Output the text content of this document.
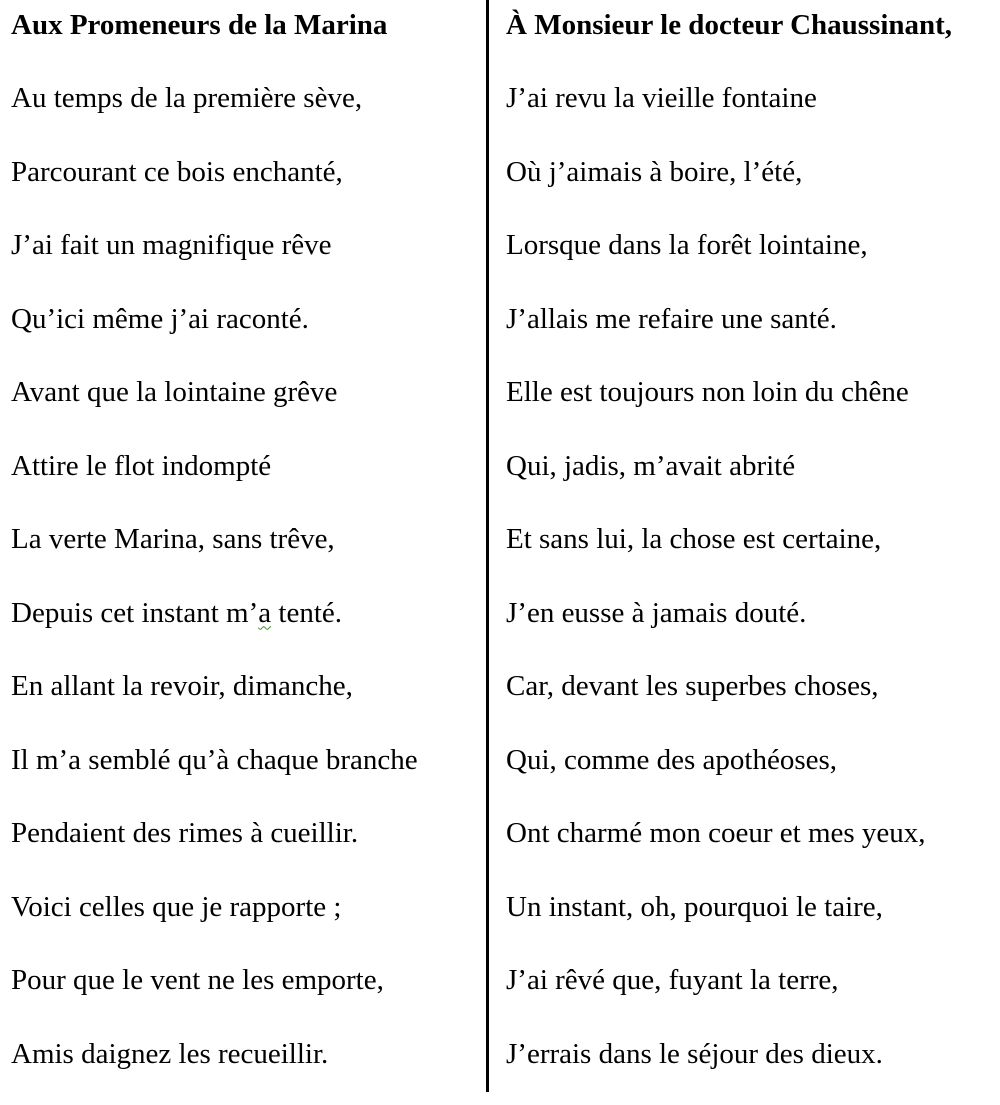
Aux Promeneurs de la Marina
Au temps de la première sève,
Parcourant ce bois enchanté,
J’ai fait un magnifique rêve
Qu’ici même j’ai raconté.
Avant que la lointaine grêve
Attire le flot indompté
La verte Marina, sans trêve,
Depuis cet instant m’a tenté.
En allant la revoir, dimanche,
Il m’a semblé qu’à chaque branche
Pendaient des rimes à cueillir.
Voici celles que je rapporte ;
Pour que le vent ne les emporte,
Amis daignez les recueillir.
À Monsieur le docteur Chaussinant,
J’ai revu la vieille fontaine
Où j’aimais à boire, l’été,
Lorsque dans la forêt lointaine,
J’allais me refaire une santé.
Elle est toujours non loin du chêne
Qui, jadis, m’avait abrité
Et sans lui, la chose est certaine,
J’en eusse à jamais douté.
Car, devant les superbes choses,
Qui, comme des apothéoses,
Ont charmé mon coeur et mes yeux,
Un instant, oh, pourquoi le taire,
J’ai rêvé que, fuyant la terre,
J’errais dans le séjour des dieux.
